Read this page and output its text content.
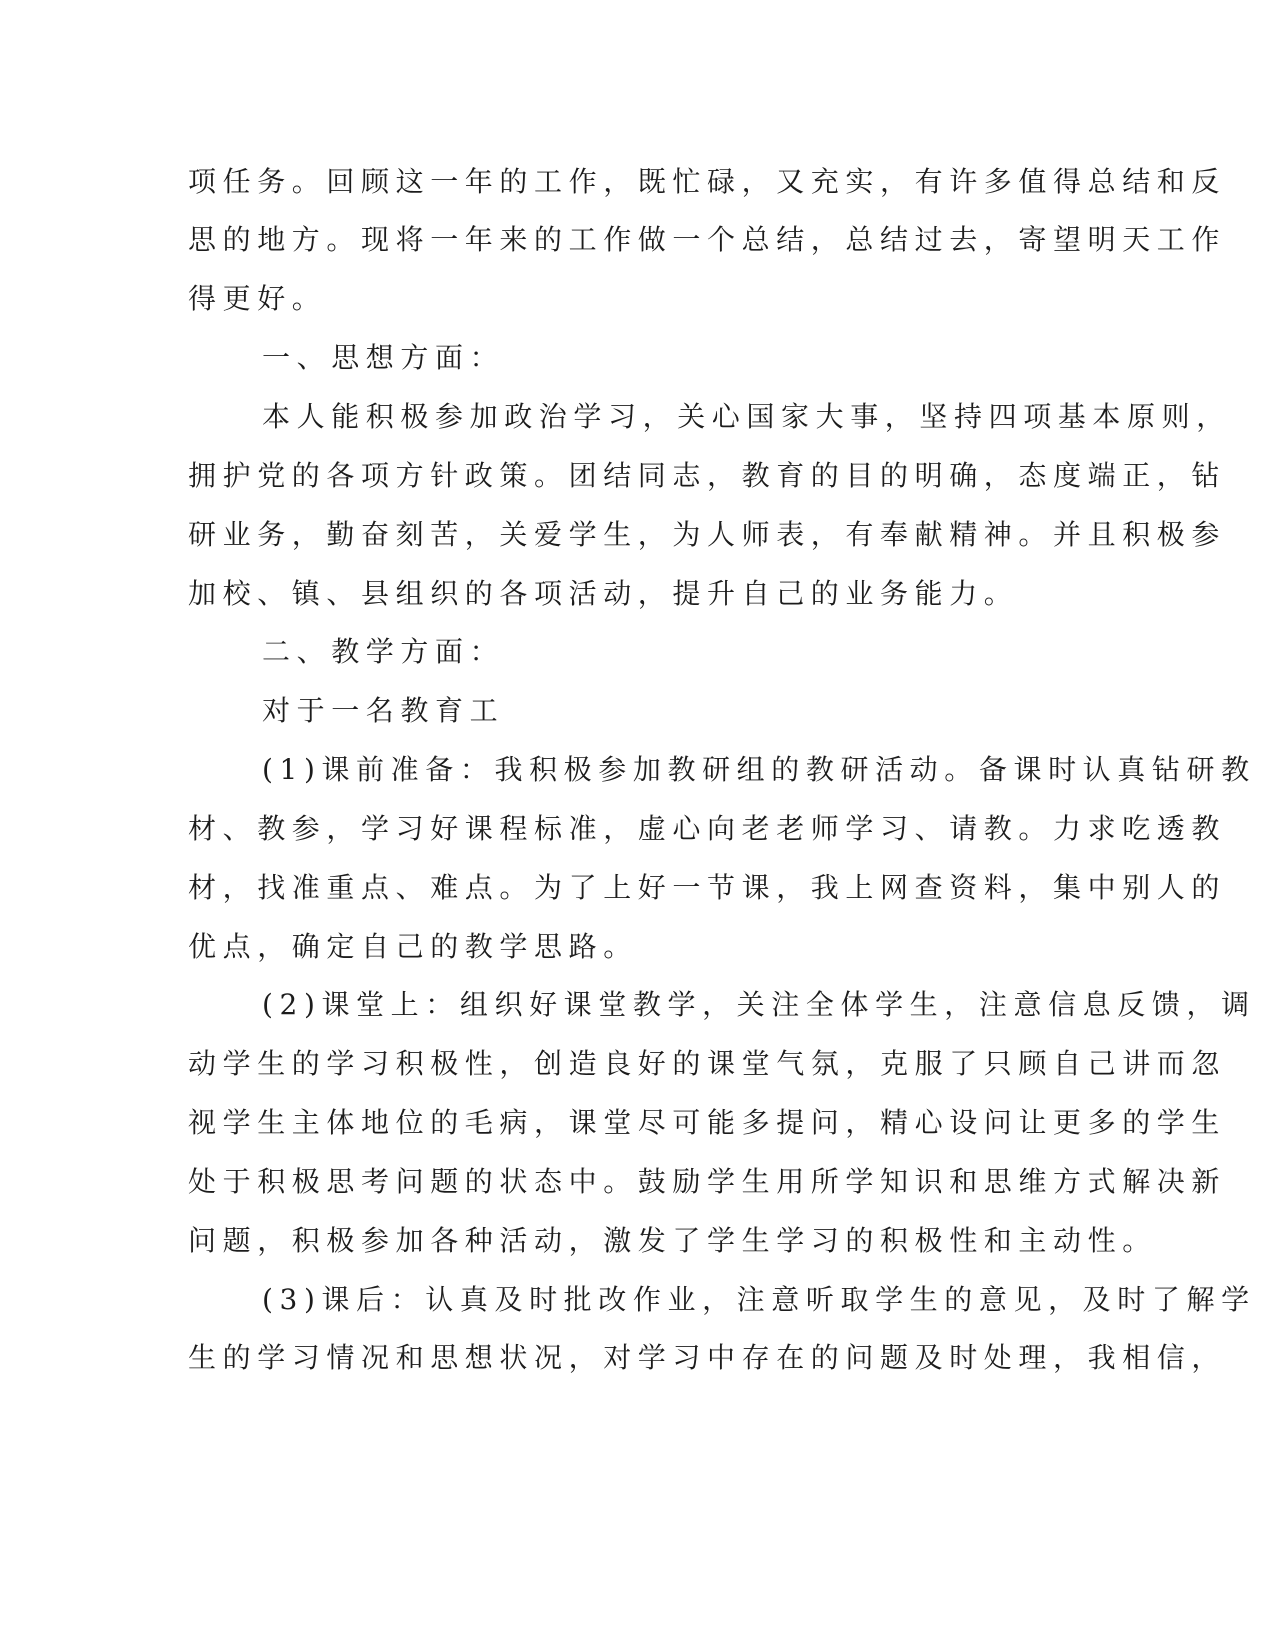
项任务。回顾这一年的工作，既忙碌，又充实，有许多值得总结和反
思的地方。现将一年来的工作做一个总结，总结过去，寄望明天工作
得更好。
一、思想方面：
本人能积极参加政治学习，关心国家大事，坚持四项基本原则，
拥护党的各项方针政策。团结同志，教育的目的明确，态度端正，钻
研业务，勤奋刻苦，关爱学生，为人师表，有奉献精神。并且积极参
加校、镇、县组织的各项活动，提升自己的业务能力。
二、教学方面：
对于一名教育工
(1)课前准备：我积极参加教研组的教研活动。备课时认真钻研教
材、教参，学习好课程标准，虚心向老老师学习、请教。力求吃透教
材，找准重点、难点。为了上好一节课，我上网查资料，集中别人的
优点，确定自己的教学思路。
(2)课堂上：组织好课堂教学，关注全体学生，注意信息反馈，调
动学生的学习积极性，创造良好的课堂气氛，克服了只顾自己讲而忽
视学生主体地位的毛病，课堂尽可能多提问，精心设问让更多的学生
处于积极思考问题的状态中。鼓励学生用所学知识和思维方式解决新
问题，积极参加各种活动，激发了学生学习的积极性和主动性。
(3)课后：认真及时批改作业，注意听取学生的意见，及时了解学
生的学习情况和思想状况，对学习中存在的问题及时处理，我相信，
